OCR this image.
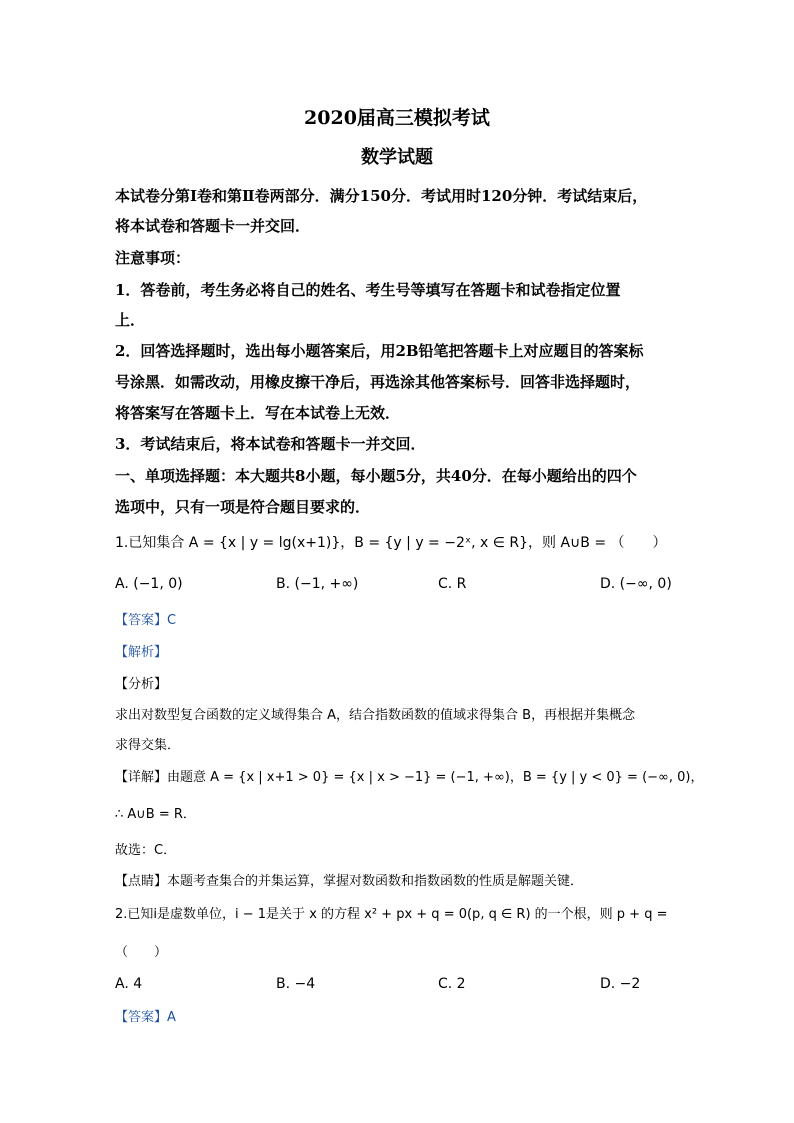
2020届高三模拟考试
数学试题
本试卷分第Ⅰ卷和第Ⅱ卷两部分．满分150分．考试用时120分钟．考试结束后，
将本试卷和答题卡一并交回．
注意事项：
1．答卷前，考生务必将自己的姓名、考生号等填写在答题卡和试卷指定位置
上．
2．回答选择题时，选出每小题答案后，用2B铅笔把答题卡上对应题目的答案标
号涂黑．如需改动，用橡皮擦干净后，再选涂其他答案标号．回答非选择题时，
将答案写在答题卡上．写在本试卷上无效．
3．考试结束后，将本试卷和答题卡一并交回．
一、单项选择题：本大题共8小题，每小题5分，共40分．在每小题给出的四个
选项中，只有一项是符合题目要求的．
1.已知集合 A = {x | y = lg(x+1)}，B = {y | y = −2ˣ, x ∈ R}，则 A∪B = （　　）
A. (−1, 0)	B. (−1, +∞)	C. R	D. (−∞, 0)
【答案】C
【解析】
【分析】
求出对数型复合函数的定义域得集合 A，结合指数函数的值域求得集合 B，再根据并集概念
求得交集．
【详解】由题意 A = {x | x+1 > 0} = {x | x > −1} = (−1, +∞)，B = {y | y < 0} = (−∞, 0)，
∴ A∪B = R．
故选：C．
【点睛】本题考查集合的并集运算，掌握对数函数和指数函数的性质是解题关键．
2.已知i是虚数单位，i − 1是关于 x 的方程 x² + px + q = 0(p, q ∈ R) 的一个根，则 p + q =
（　　）
A. 4	B. −4	C. 2	D. −2
【答案】A
